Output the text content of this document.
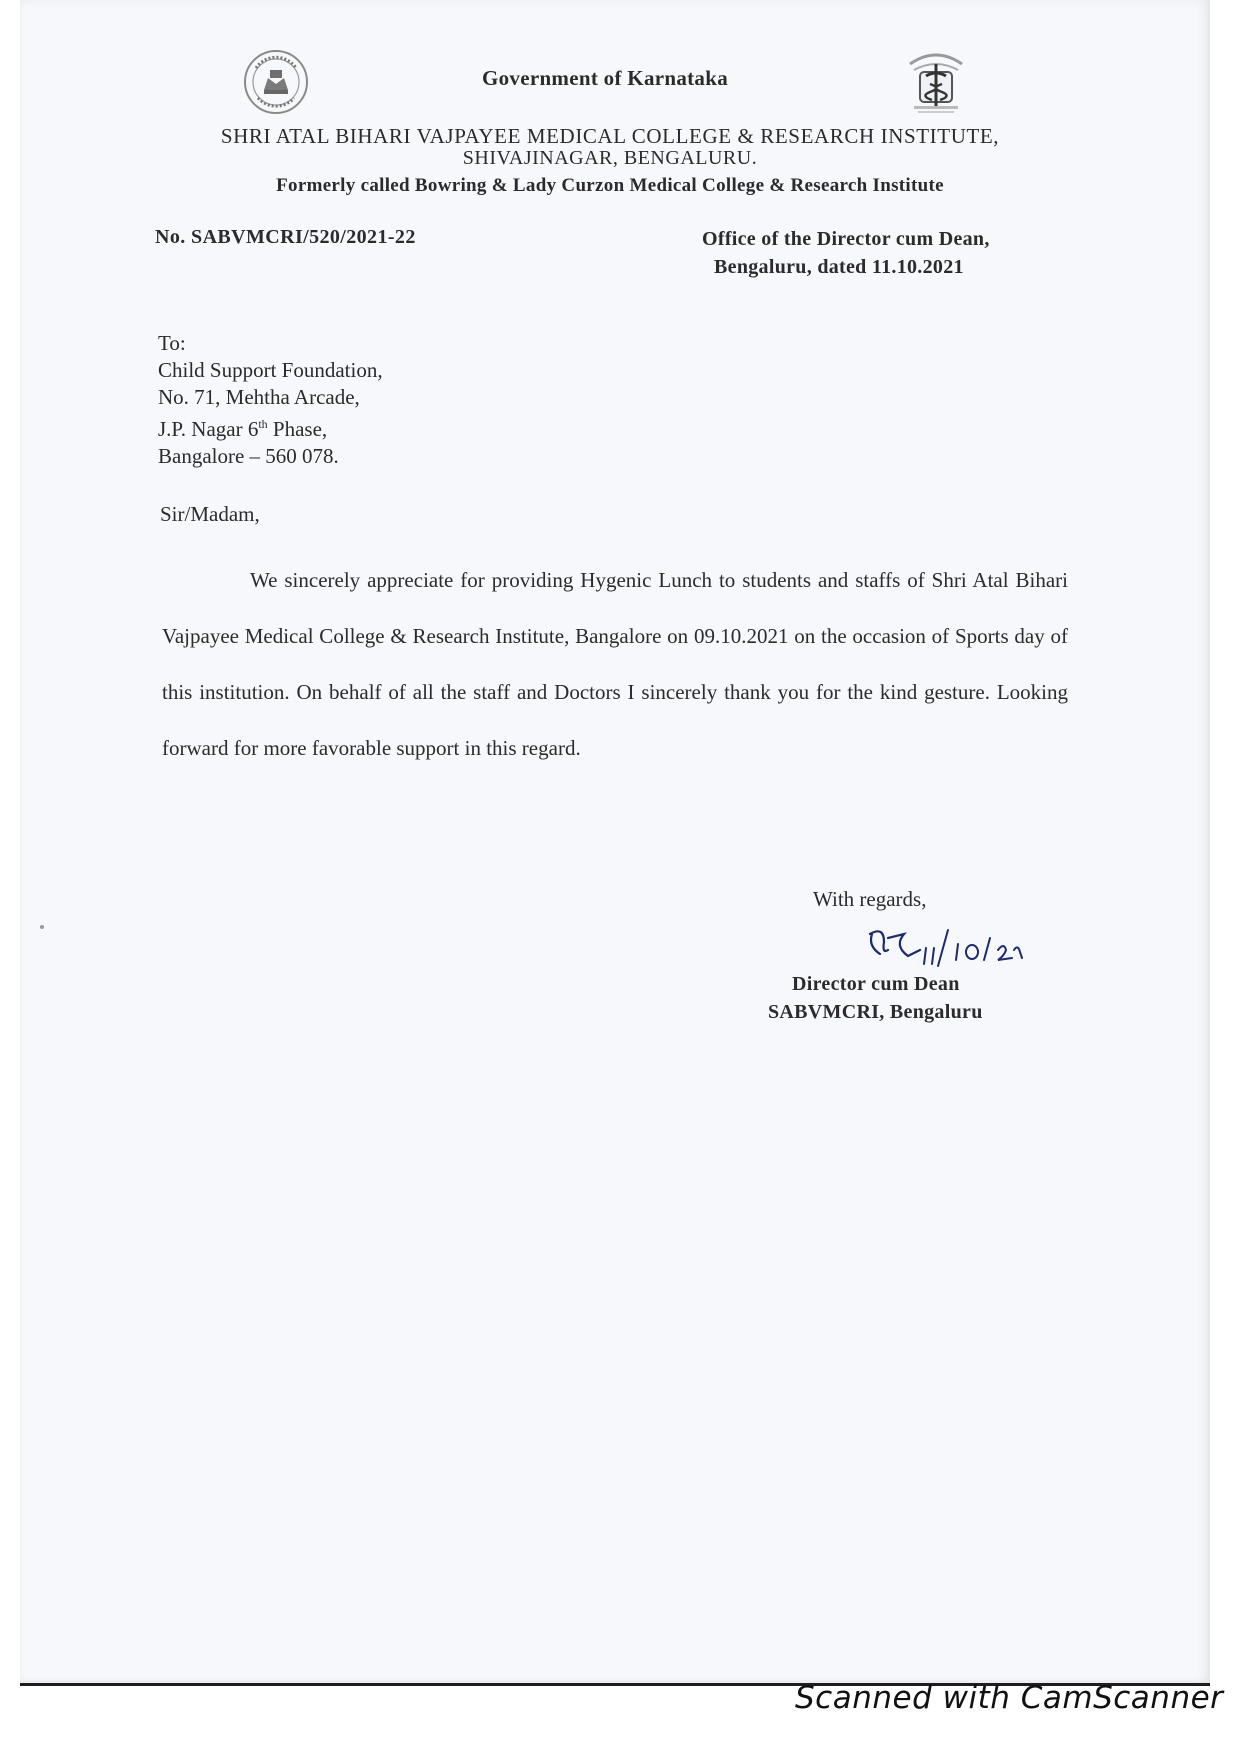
Government of Karnataka
SHRI ATAL BIHARI VAJPAYEE MEDICAL COLLEGE & RESEARCH INSTITUTE,
SHIVAJINAGAR, BENGALURU.
Formerly called Bowring & Lady Curzon Medical College & Research Institute
No. SABVMCRI/520/2021-22	Office of the Director cum Dean,
Bengaluru, dated 11.10.2021
To:
Child Support Foundation,
No. 71, Mehtha Arcade,
J.P. Nagar 6th Phase,
Bangalore – 560 078.
Sir/Madam,
We sincerely appreciate for providing Hygenic Lunch to students and staffs of Shri Atal Bihari Vajpayee Medical College & Research Institute, Bangalore on 09.10.2021 on the occasion of Sports day of this institution. On behalf of all the staff and Doctors I sincerely thank you for the kind gesture. Looking forward for more favorable support in this regard.
With regards,
Director cum Dean
SABVMCRI, Bengaluru
Scanned with CamScanner
